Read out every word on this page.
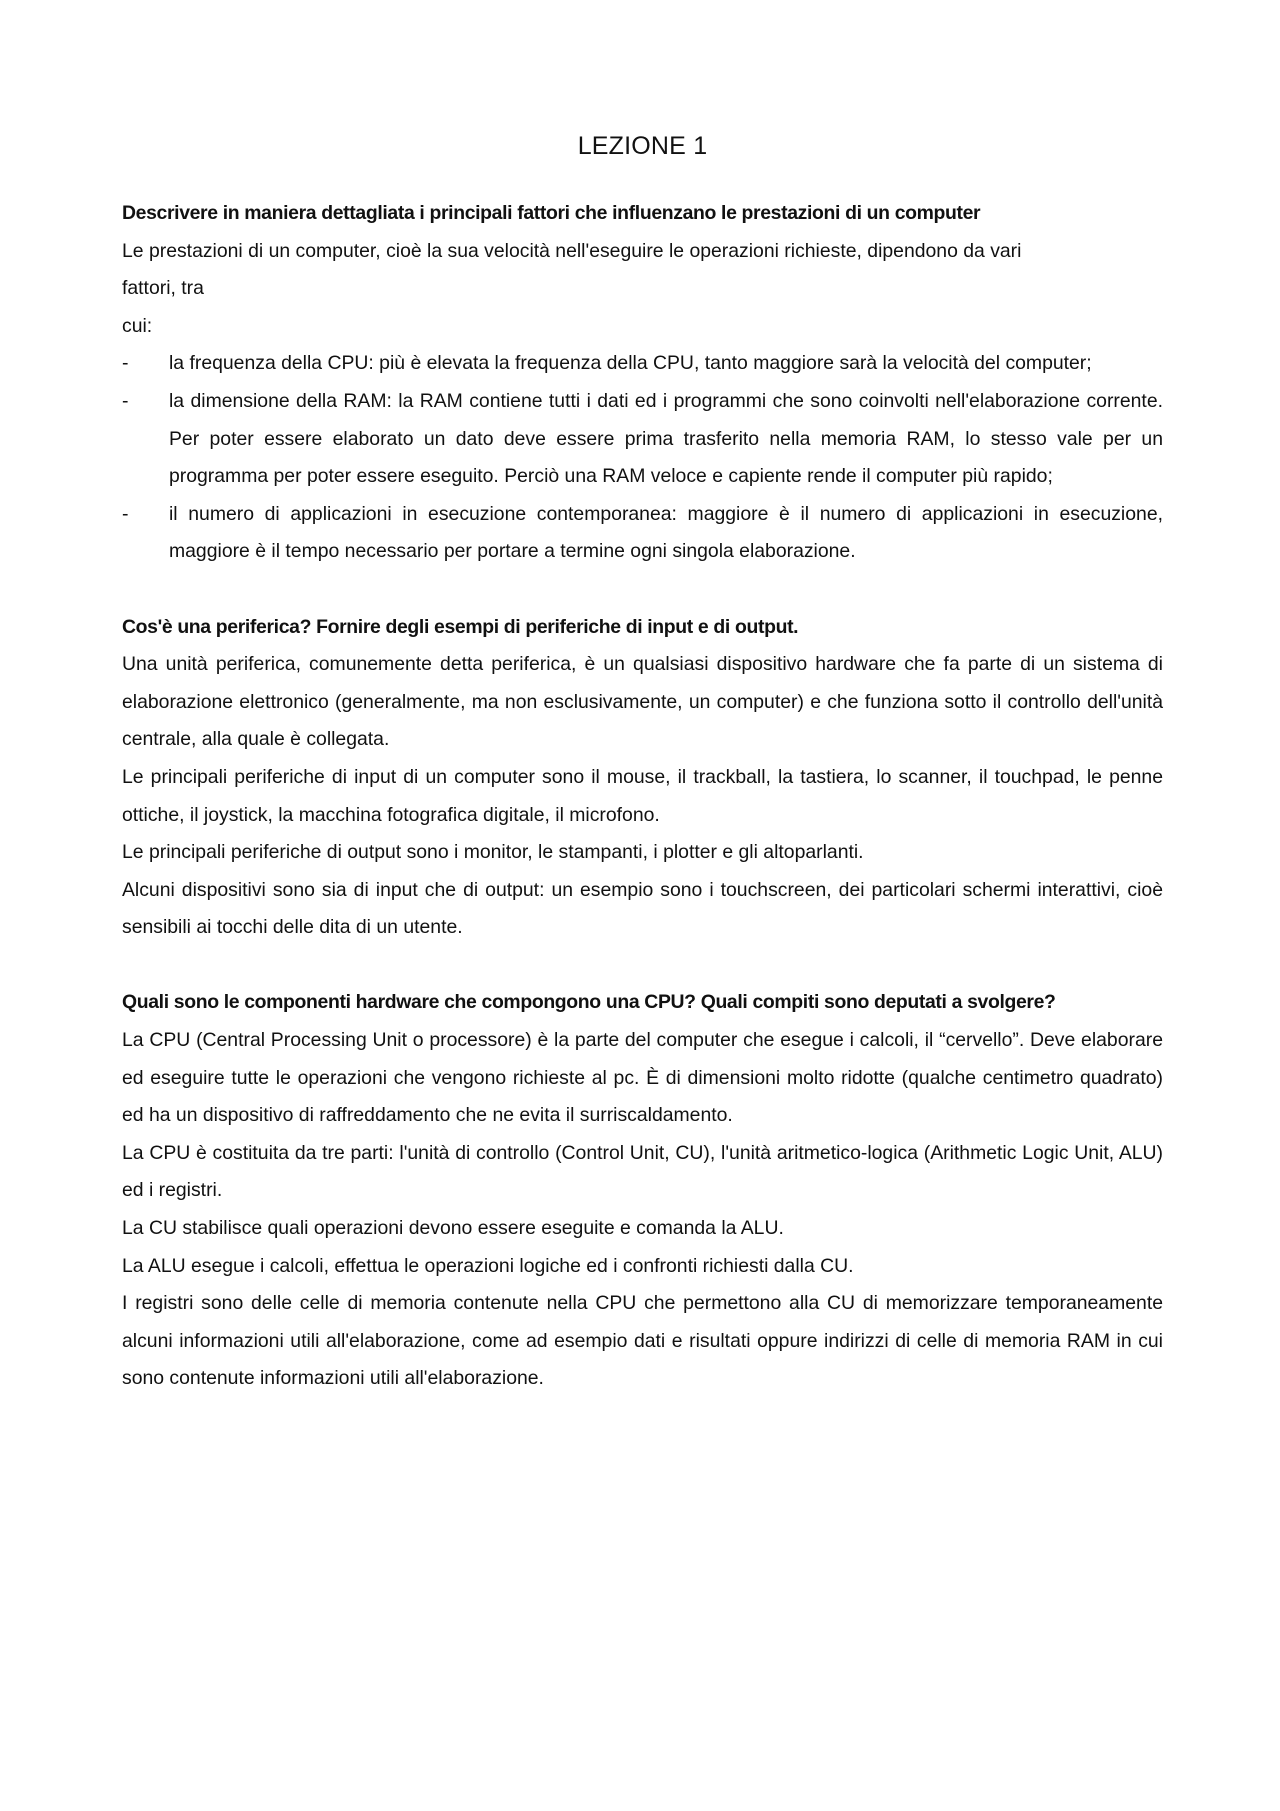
LEZIONE 1
Descrivere in maniera dettagliata i principali fattori che influenzano le prestazioni di un computer
Le prestazioni di un computer, cioè la sua velocità nell'eseguire le operazioni richieste, dipendono da vari
fattori, tra
cui:
- la frequenza della CPU: più è elevata la frequenza della CPU, tanto maggiore sarà la velocità del computer;
- la dimensione della RAM: la RAM contiene tutti i dati ed i programmi che sono coinvolti nell'elaborazione corrente. Per poter essere elaborato un dato deve essere prima trasferito nella memoria RAM, lo stesso vale per un programma per poter essere eseguito. Perciò una RAM veloce e capiente rende il computer più rapido;
- il numero di applicazioni in esecuzione contemporanea: maggiore è il numero di applicazioni in esecuzione, maggiore è il tempo necessario per portare a termine ogni singola elaborazione.
Cos'è una periferica? Fornire degli esempi di periferiche di input e di output.
Una unità periferica, comunemente detta periferica, è un qualsiasi dispositivo hardware che fa parte di un sistema di elaborazione elettronico (generalmente, ma non esclusivamente, un computer) e che funziona sotto il controllo dell'unità centrale, alla quale è collegata.
Le principali periferiche di input di un computer sono il mouse, il trackball, la tastiera, lo scanner, il touchpad, le penne ottiche, il joystick, la macchina fotografica digitale, il microfono.
Le principali periferiche di output sono i monitor, le stampanti, i plotter e gli altoparlanti.
Alcuni dispositivi sono sia di input che di output: un esempio sono i touchscreen, dei particolari schermi interattivi, cioè sensibili ai tocchi delle dita di un utente.
Quali sono le componenti hardware che compongono una CPU? Quali compiti sono deputati a svolgere?
La CPU (Central Processing Unit o processore) è la parte del computer che esegue i calcoli, il “cervello”. Deve elaborare ed eseguire tutte le operazioni che vengono richieste al pc. È di dimensioni molto ridotte (qualche centimetro quadrato) ed ha un dispositivo di raffreddamento che ne evita il surriscaldamento.
La CPU è costituita da tre parti: l'unità di controllo (Control Unit, CU), l'unità aritmetico-logica (Arithmetic Logic Unit, ALU) ed i registri.
La CU stabilisce quali operazioni devono essere eseguite e comanda la ALU.
La ALU esegue i calcoli, effettua le operazioni logiche ed i confronti richiesti dalla CU.
I registri sono delle celle di memoria contenute nella CPU che permettono alla CU di memorizzare temporaneamente alcuni informazioni utili all'elaborazione, come ad esempio dati e risultati oppure indirizzi di celle di memoria RAM in cui sono contenute informazioni utili all'elaborazione.
